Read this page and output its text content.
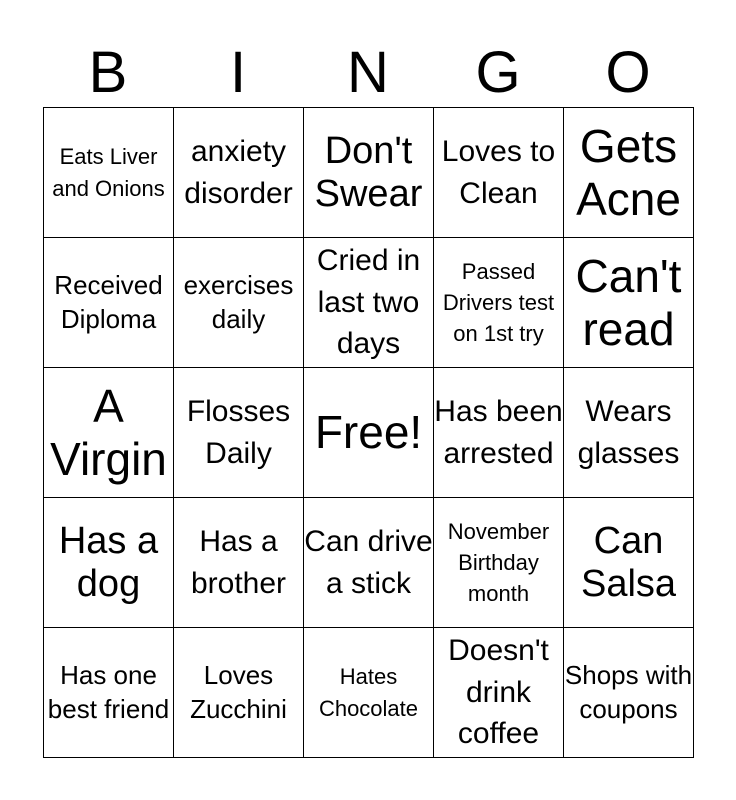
B	I	N	G	O
Eats Liver and Onions	anxiety disorder	Don't Swear	Loves to Clean	Gets Acne

Received Diploma	exercises daily	Cried in last two days	Passed Drivers test on 1st try	Can't read

A Virgin	Flosses Daily	Free!	Has been arrested	Wears glasses

Has a dog	Has a brother	Can drive a stick	November Birthday month	Can Salsa

Has one best friend	Loves Zucchini	Hates Chocolate	Doesn't drink coffee	Shops with coupons
